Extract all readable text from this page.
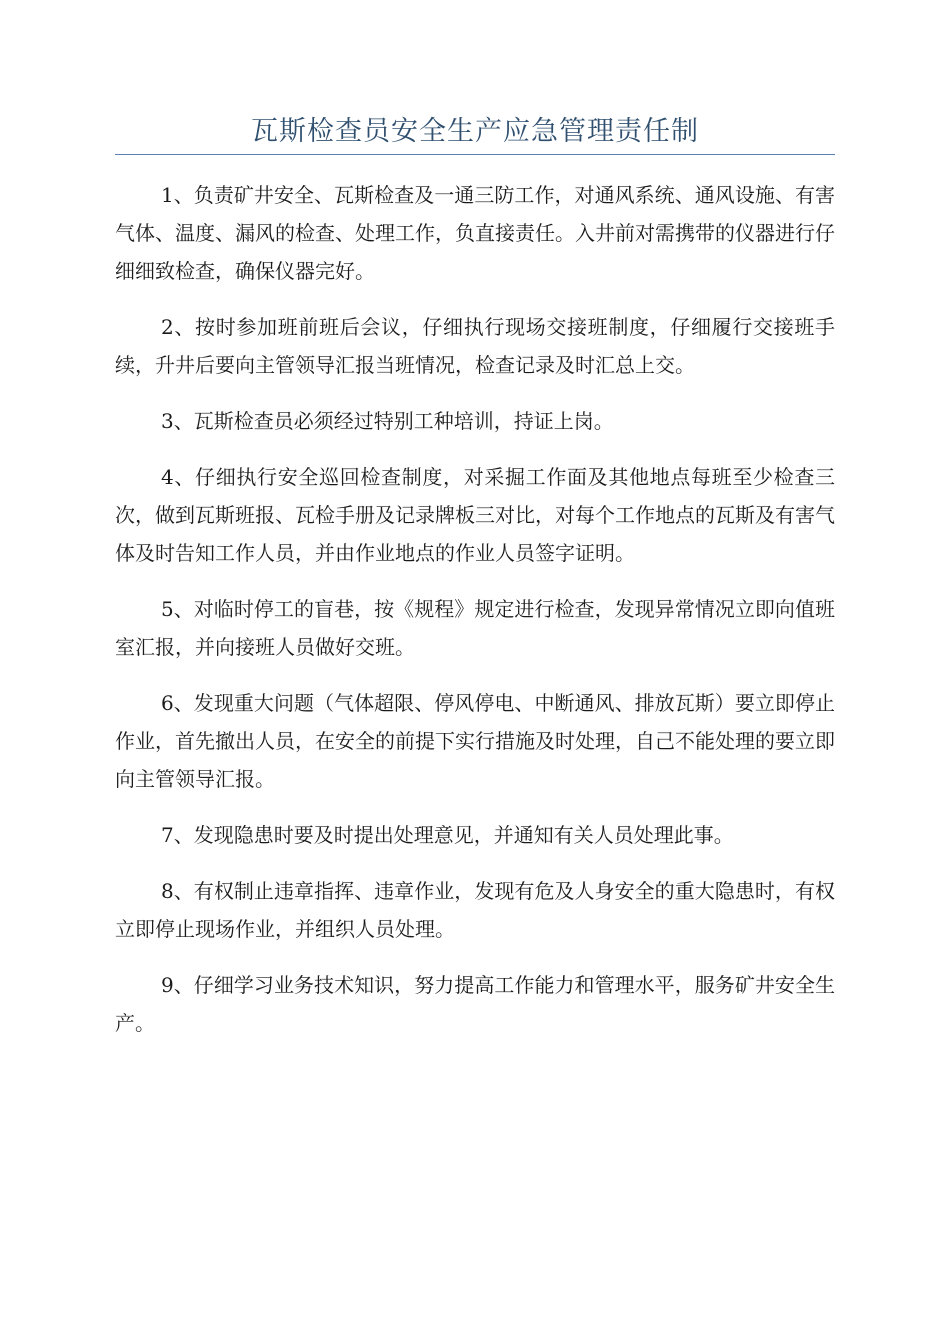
瓦斯检查员安全生产应急管理责任制

1、负责矿井安全、瓦斯检查及一通三防工作，对通风系统、通风设施、有害气体、温度、漏风的检查、处理工作，负直接责任。入井前对需携带的仪器进行仔细细致检查，确保仪器完好。

2、按时参加班前班后会议，仔细执行现场交接班制度，仔细履行交接班手续，升井后要向主管领导汇报当班情况，检查记录及时汇总上交。

3、瓦斯检查员必须经过特别工种培训，持证上岗。

4、仔细执行安全巡回检查制度，对采掘工作面及其他地点每班至少检查三次，做到瓦斯班报、瓦检手册及记录牌板三对比，对每个工作地点的瓦斯及有害气体及时告知工作人员，并由作业地点的作业人员签字证明。

5、对临时停工的盲巷，按《规程》规定进行检查，发现异常情况立即向值班室汇报，并向接班人员做好交班。

6、发现重大问题（气体超限、停风停电、中断通风、排放瓦斯）要立即停止作业，首先撤出人员，在安全的前提下实行措施及时处理，自己不能处理的要立即向主管领导汇报。

7、发现隐患时要及时提出处理意见，并通知有关人员处理此事。

8、有权制止违章指挥、违章作业，发现有危及人身安全的重大隐患时，有权立即停止现场作业，并组织人员处理。

9、仔细学习业务技术知识，努力提高工作能力和管理水平，服务矿井安全生产。
